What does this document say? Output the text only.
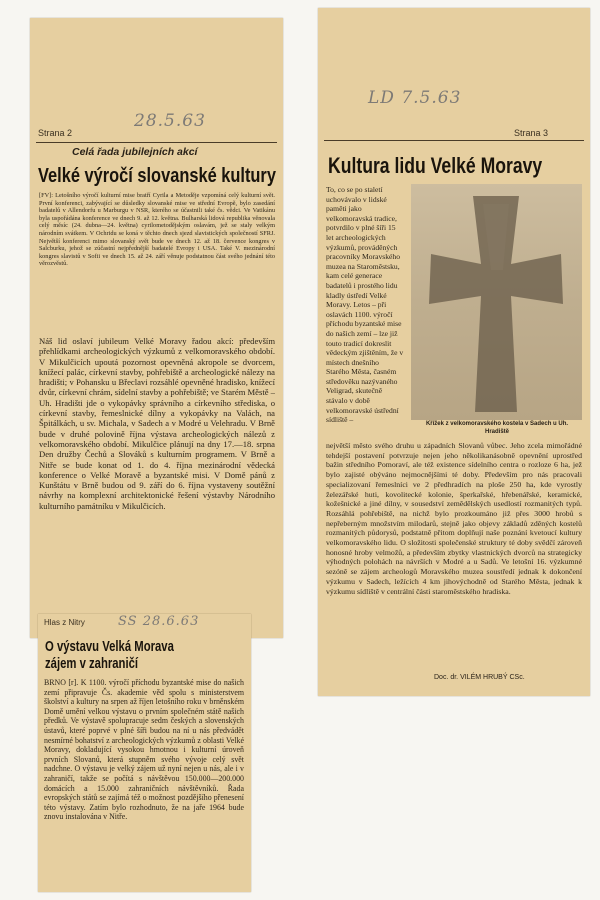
28.5.63
Strana 2
Celá řada jubilejních akcí
Velké výročí slovanské kultury
[FV]: Letošního výročí kulturní mise bratří Cyrila a Metoděje vzpomíná celý kulturní svět. První konferenci, zabývající se důsledky slovanské mise ve střední Evropě, bylo zasedání badatelů v Allendorfu u Marburgu v NSR, kterého se účastnili také čs. vědci. Ve Vatikánu byla uspořádána konference ve dnech 9. až 12. května. Bulharská lidová republika věnovala celý měsíc (24. dubna—24. května) cyrilometodějským oslavám, jež se staly velkým národním svátkem. V Ochridu se koná v těchto dnech sjezd slavistických společností SFRJ. Největší konferenci mimo slovanský svět bude ve dnech 12. až 18. července kongres v Salcburku, jehož se zúčastní nejpřednější badatelé Evropy i USA. Také V. mezinárodní kongres slavistů v Sofii ve dnech 15. až 24. září věnuje podstatnou část svého jednání této věrozvěstů.
Náš lid oslaví jubileum Velké Moravy řadou akcí: především přehlídkami archeologických výzkumů z velkomoravského období. V Mikulčicích upoutá pozornost opevněná akropole se dvorcem, knížecí palác, církevní stavby, pohřebiště a archeologické nálezy na hradišti; v Pohansku u Břeclavi rozsáhlé opevněné hradisko, knížecí dvůr, církevní chrám, sídelní stavby a pohřebiště; ve Starém Městě – Uh. Hradišti jde o vykopávky správního a církevního střediska, o církevní stavby, řemeslnické dílny a vykopávky na Valách, na Špitálkách, u sv. Michala, v Sadech a v Modré u Velehradu. V Brně bude v druhé polovině října výstava archeologických nálezů z velkomoravského období. Mikulčice plánují na dny 17.—18. srpna Den družby Čechů a Slováků s kulturním programem. V Brně a Nitře se bude konat od 1. do 4. října mezinárodní vědecká konference o Velké Moravě a byzantské misi. V Domě pánů z Kunštátu v Brně budou od 9. září do 6. října vystaveny soutěžní návrhy na komplexní architektonické řešení výstavby Národního kulturního památníku v Mikulčicích.
LD 7.5.63
Strana 3
Kultura lidu Velké Moravy
To, co se po staletí uchovávalo v lidské paměti jako velkomoravská tradice, potvrdilo v plné šíři 15 let archeologických výzkumů, prováděných pracovníky Moravského muzea na Staroměstsku, kam celé generace badatelů i prostého lidu kladly ústředí Velké Moravy. Letos – při oslavách 1100. výročí příchodu byzantské mise do našich zemí – lze již touto tradicí dokreslit vědeckým zjištěním, že v místech dnešního Starého Města, časném středověku nazývaného Veligrad, skutečně stávalo v době velkomoravské ústřední sídliště –	Křížek z velkomoravského kostela v Sadech u Uh. Hradiště
největší město svého druhu u západních Slovanů vůbec. Jeho zcela mimořádné tehdejší postavení potvrzuje nejen jeho několikanásobně opevnění uprostřed bažin středního Pomoraví, ale též existence sídelního centra o rozloze 6 ha, jež bylo zajisté obýváno nejmocnějšími té doby. Především pro nás pracovali specializovaní řemeslníci ve 2 předhradích na ploše 250 ha, kde vyrostly železářské huti, kovolitecké kolonie, šperkařské, hřebenářské, keramické, kožešnické a jiné dílny, v sousedství zemědělských usedlostí rozmanitých typů. Rozsáhlá pohřebiště, na nichž bylo prozkoumáno již přes 3000 hrobů s nepřeberným množstvím milodarů, stejně jako objevy základů zděných kostelů rozmanitých půdorysů, podstatně přitom doplňují naše poznání kvetoucí kultury velkomoravského lidu. O složitosti společenské struktury té doby svědčí zároveň honosné hroby velmožů, a především zbytky vlastnických dvorců na strategicky výhodných polohách na návrších v Modré a u Sadů. Ve letošní 16. výzkumné sezóně se zájem archeologů Moravského muzea soustředí jednak k dokončení výzkumu v Sadech, ležících 4 km jihovýchodně od Starého Města, jednak k výzkumu sídliště v centrální části staroměstského hradiska.
Doc. dr. VILÉM HRUBÝ CSc.
Hlas z Nitry	SS 28.6.63
O výstavu Velká Morava
zájem v zahraničí
BRNO [r]. K 1100. výročí příchodu byzantské mise do našich zemí připravuje Čs. akademie věd spolu s ministerstvem školství a kultury na srpen až říjen letošního roku v brněnském Domě umění velkou výstavu o prvním společném státě našich předků. Ve výstavě spolupracuje sedm českých a slovenských ústavů, které poprvé v plné šíři budou na ní u nás předvádět nesmírné bohatství z archeologických výzkumů z oblasti Velké Moravy, dokladující vysokou hmotnou i kulturní úroveň prvních Slovanů, která stupněm svého vývoje celý svět nadchne. O výstavu je velký zájem už nyní nejen u nás, ale i v zahraničí, takže se počítá s návštěvou 150.000—200.000 domácích a 15.000 zahraničních návštěvníků. Řada evropských států se zajímá též o možnost pozdějšího přenesení této výstavy. Zatím bylo rozhodnuto, že na jaře 1964 bude znovu instalována v Nitře.
